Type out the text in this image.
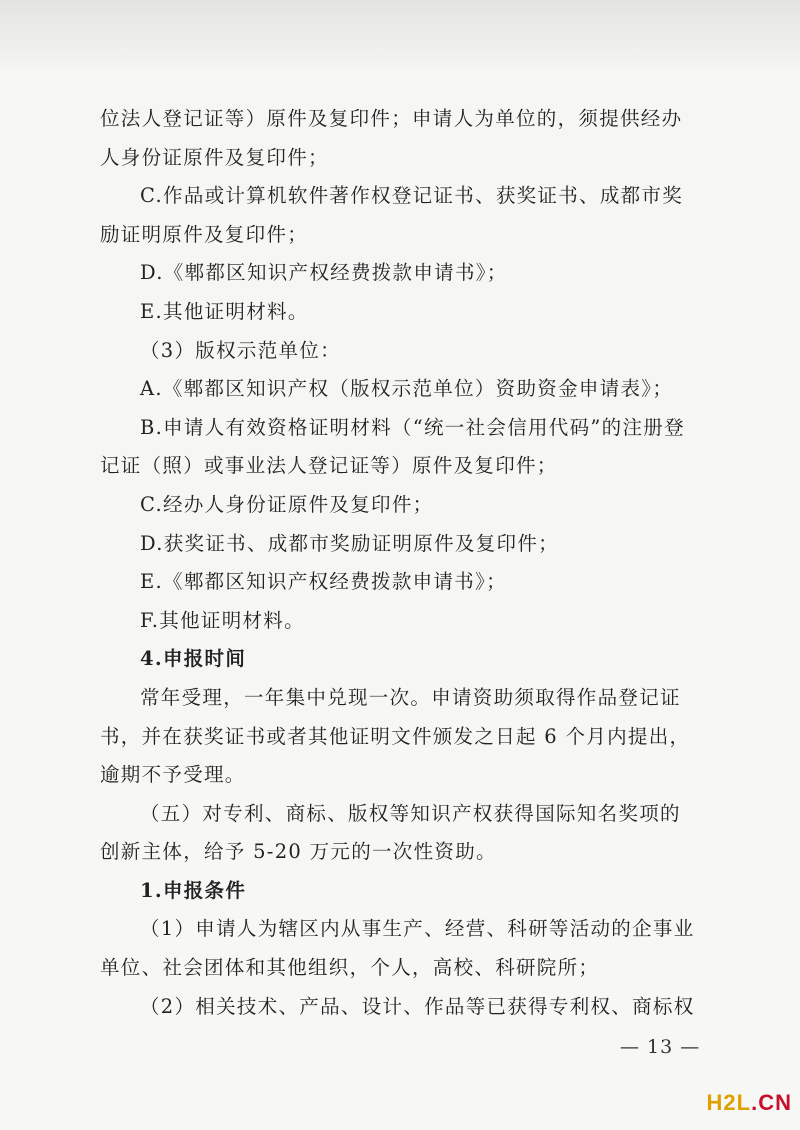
位法人登记证等）原件及复印件；申请人为单位的，须提供经办
人身份证原件及复印件；
C.作品或计算机软件著作权登记证书、获奖证书、成都市奖
励证明原件及复印件；
D.《郫都区知识产权经费拨款申请书》；
E.其他证明材料。
（3）版权示范单位：
A.《郫都区知识产权（版权示范单位）资助资金申请表》；
B.申请人有效资格证明材料（“统一社会信用代码”的注册登
记证（照）或事业法人登记证等）原件及复印件；
C.经办人身份证原件及复印件；
D.获奖证书、成都市奖励证明原件及复印件；
E.《郫都区知识产权经费拨款申请书》；
F.其他证明材料。
4.申报时间
常年受理，一年集中兑现一次。申请资助须取得作品登记证
书，并在获奖证书或者其他证明文件颁发之日起 6 个月内提出，
逾期不予受理。
（五）对专利、商标、版权等知识产权获得国际知名奖项的
创新主体，给予 5-20 万元的一次性资助。
1.申报条件
（1）申请人为辖区内从事生产、经营、科研等活动的企事业
单位、社会团体和其他组织，个人，高校、科研院所；
（2）相关技术、产品、设计、作品等已获得专利权、商标权
— 13 —
H2L.CN
